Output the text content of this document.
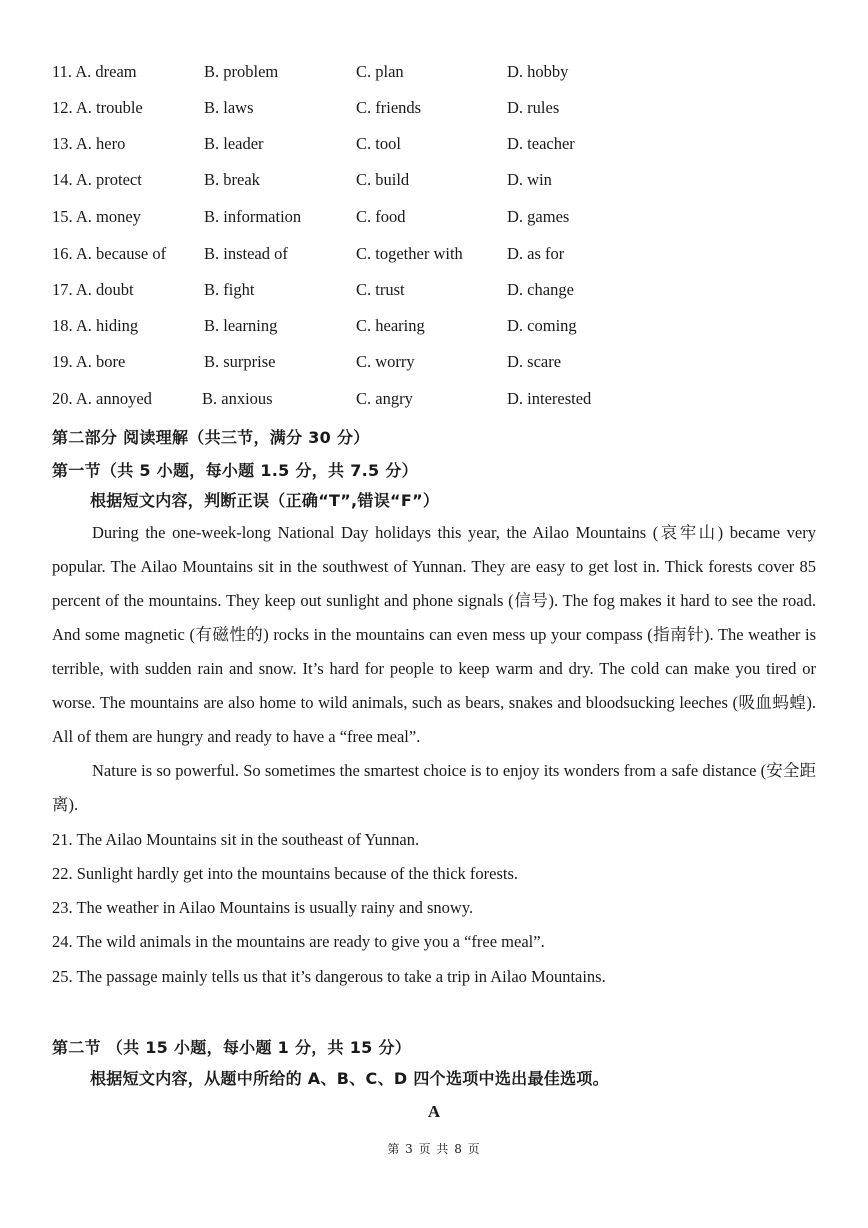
11. A. dream	B. problem	C. plan	D. hobby
12. A. trouble	B. laws	C. friends	D. rules
13. A. hero	B. leader	C. tool	D. teacher
14. A. protect	B. break	C. build	D. win
15. A. money	B. information	C. food	D. games
16. A. because of B. instead of	C. together with	D. as for
17. A. doubt	B. fight	C. trust	D. change
18. A. hiding	B. learning	C. hearing	D. coming
19. A. bore	B. surprise	C. worry	D. scare
20. A. annoyed	B. anxious	C. angry	D. interested
第二部分 阅读理解（共三节，满分 30 分）
第一节（共 5 小题，每小题 1.5 分，共 7.5 分）
根据短文内容，判断正误（正确“T”,错误“F”）

During the one-week-long National Day holidays this year, the Ailao Mountains (哀牢山) became very popular. The Ailao Mountains sit in the southwest of Yunnan. They are easy to get lost in. Thick forests cover 85 percent of the mountains. They keep out sunlight and phone signals (信号). The fog makes it hard to see the road. And some magnetic (有磁性的) rocks in the mountains can even mess up your compass (指南针). The weather is terrible, with sudden rain and snow. It’s hard for people to keep warm and dry. The cold can make you tired or worse. The mountains are also home to wild animals, such as bears, snakes and bloodsucking leeches (吸血蚂蝗). All of them are hungry and ready to have a “free meal”.

Nature is so powerful. So sometimes the smartest choice is to enjoy its wonders from a safe distance (安全距离).

21. The Ailao Mountains sit in the southeast of Yunnan.
22. Sunlight hardly get into the mountains because of the thick forests.
23. The weather in Ailao Mountains is usually rainy and snowy.
24. The wild animals in the mountains are ready to give you a “free meal”.
25. The passage mainly tells us that it’s dangerous to take a trip in Ailao Mountains.
第二节 （共 15 小题，每小题 1 分，共 15 分）
根据短文内容，从题中所给的 A、B、C、D 四个选项中选出最佳选项。
A
第 3 页 共 8 页
